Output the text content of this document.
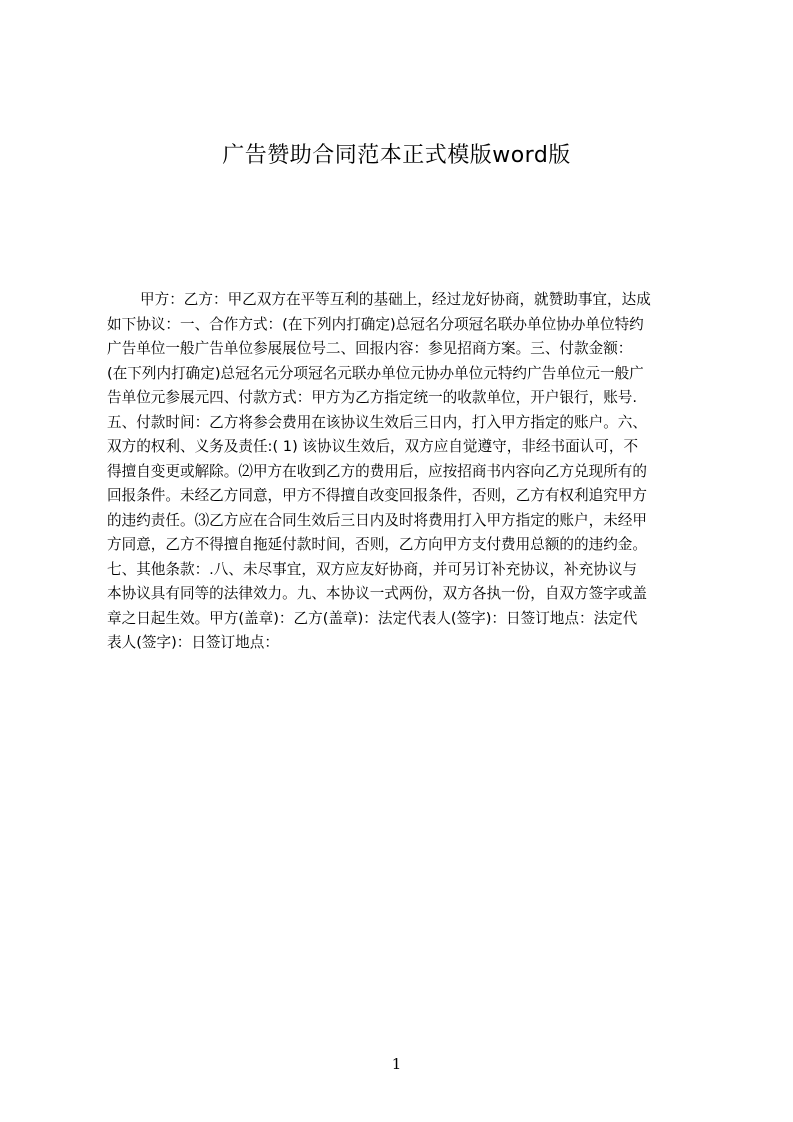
广告赞助合同范本正式模版word版
甲方：乙方：甲乙双方在平等互利的基础上，经过龙好协商，就赞助事宜，达成
如下协议：一、合作方式：(在下列内打确定)总冠名分项冠名联办单位协办单位特约
广告单位一般广告单位参展展位号二、回报内容：参见招商方案。三、付款金额：
(在下列内打确定)总冠名元分项冠名元联办单位元协办单位元特约广告单位元一般广
告单位元参展元四、付款方式：甲方为乙方指定统一的收款单位，开户银行，账号.
五、付款时间：乙方将参会费用在该协议生效后三日内，打入甲方指定的账户。六、
双方的权利、义务及责任:( 1) 该协议生效后，双方应自觉遵守，非经书面认可，不
得擅自变更或解除。⑵甲方在收到乙方的费用后，应按招商书内容向乙方兑现所有的
回报条件。未经乙方同意，甲方不得擅自改变回报条件，否则，乙方有权利追究甲方
的违约责任。⑶乙方应在合同生效后三日内及时将费用打入甲方指定的账户，未经甲
方同意，乙方不得擅自拖延付款时间，否则，乙方向甲方支付费用总额的的违约金。
七、其他条款：.八、未尽事宜，双方应友好协商，并可另订补充协议，补充协议与
本协议具有同等的法律效力。九、本协议一式两份，双方各执一份，自双方签字或盖
章之日起生效。甲方(盖章)：乙方(盖章)：法定代表人(签字)：日签订地点：法定代
表人(签字)：日签订地点：
1
